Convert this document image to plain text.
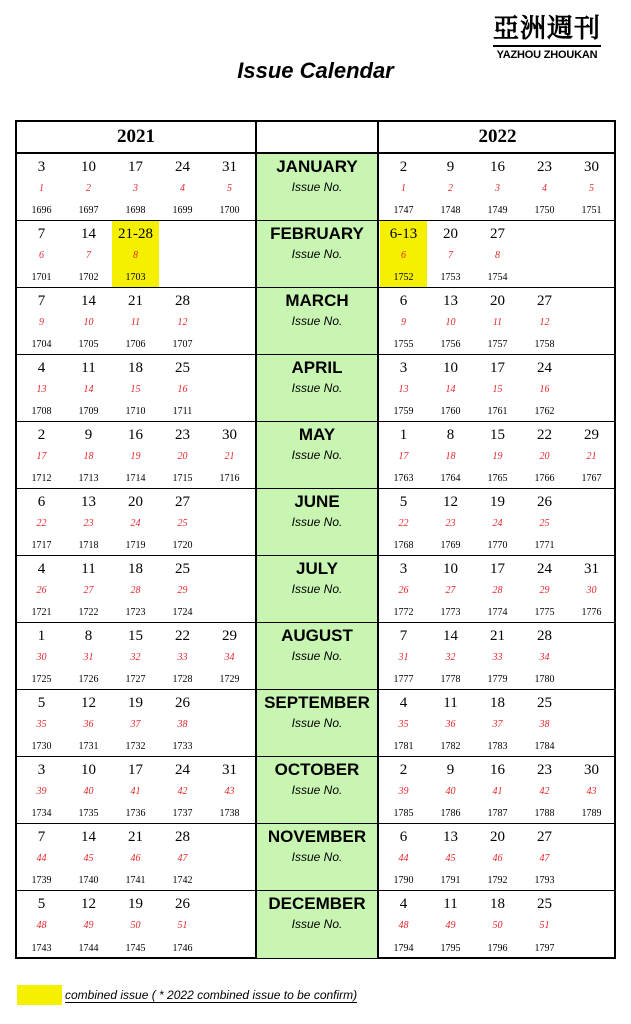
亞洲週刊
YAZHOU ZHOUKAN
Issue Calendar
2021
3
1
1696
10
2
1697
17
3
1698
24
4
1699
31
5
1700
7
6
1701
14
7
1702
21-28
8
1703
7
9
1704
14
10
1705
21
11
1706
28
12
1707
4
13
1708
11
14
1709
18
15
1710
25
16
1711
2
17
1712
9
18
1713
16
19
1714
23
20
1715
30
21
1716
6
22
1717
13
23
1718
20
24
1719
27
25
1720
4
26
1721
11
27
1722
18
28
1723
25
29
1724
1
30
1725
8
31
1726
15
32
1727
22
33
1728
29
34
1729
5
35
1730
12
36
1731
19
37
1732
26
38
1733
3
39
1734
10
40
1735
17
41
1736
24
42
1737
31
43
1738
7
44
1739
14
45
1740
21
46
1741
28
47
1742
5
48
1743
12
49
1744
19
50
1745
26
51
1746
JANUARY
Issue No.
FEBRUARY
Issue No.
MARCH
Issue No.
APRIL
Issue No.
MAY
Issue No.
JUNE
Issue No.
JULY
Issue No.
AUGUST
Issue No.
SEPTEMBER
Issue No.
OCTOBER
Issue No.
NOVEMBER
Issue No.
DECEMBER
Issue No.
2022
2
1
1747
9
2
1748
16
3
1749
23
4
1750
30
5
1751
6-13
6
1752
20
7
1753
27
8
1754
6
9
1755
13
10
1756
20
11
1757
27
12
1758
3
13
1759
10
14
1760
17
15
1761
24
16
1762
1
17
1763
8
18
1764
15
19
1765
22
20
1766
29
21
1767
5
22
1768
12
23
1769
19
24
1770
26
25
1771
3
26
1772
10
27
1773
17
28
1774
24
29
1775
31
30
1776
7
31
1777
14
32
1778
21
33
1779
28
34
1780
4
35
1781
11
36
1782
18
37
1783
25
38
1784
2
39
1785
9
40
1786
16
41
1787
23
42
1788
30
43
1789
6
44
1790
13
45
1791
20
46
1792
27
47
1793
4
48
1794
11
49
1795
18
50
1796
25
51
1797
combined issue ( * 2022 combined issue to be confirm)
